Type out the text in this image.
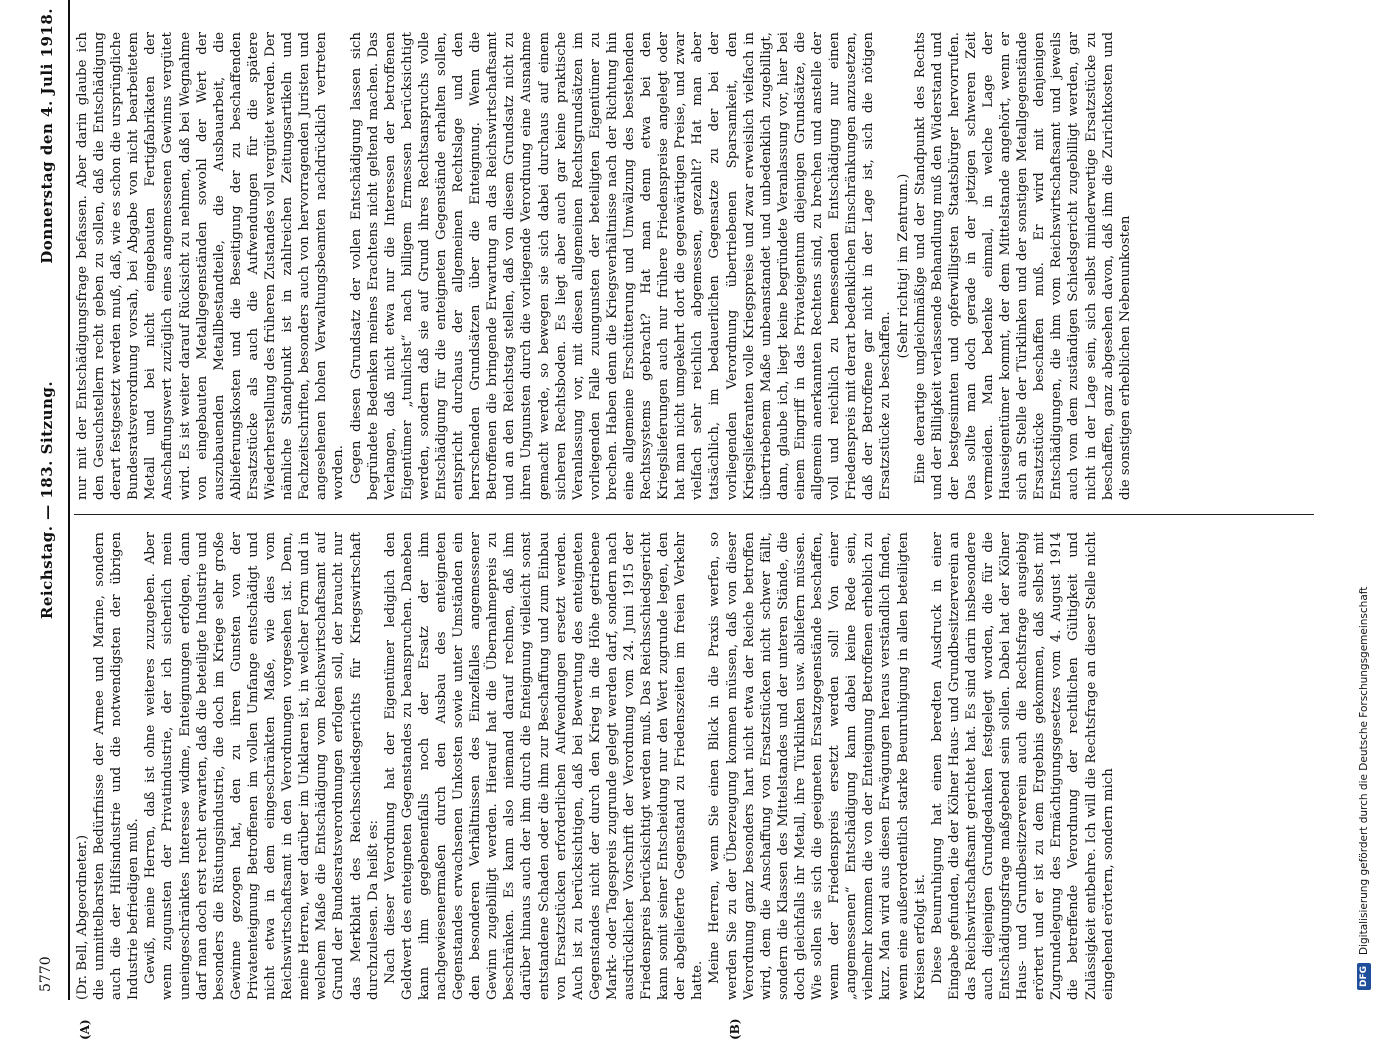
5770
Reichstag. — 183. Sitzung.
Donnerstag den 4. Juli 1918.
(A)	(B)

(Dr. Bell, Abgeordneter.) die unmittelbarsten Bedürfnisse der Armee und Marine, sondern auch die der Hilfsindustrie und die notwendigsten der übrigen Industrie befriedigen muß. Gewiß, meine Herren, daß ist ohne weiteres zuzugeben. Aber wenn zugunsten der Privatindustrie, der ich sicherlich mein uneingeschränktes Interesse widme, Enteignungen erfolgen, dann darf man doch erst recht erwarten, daß die beteiligte Industrie und besonders die Rüstungsindustrie, die doch im Kriege sehr große Gewinne gezogen hat, den zu ihren Gunsten von der Privatenteignung Betroffenen im vollen Umfange entschädigt und nicht etwa in dem eingeschränkten Maße, wie dies vom Reichswirtschaftsamt in den Verordnungen vorgesehen ist. Denn, meine Herren, wer darüber im Unklaren ist, in welcher Form und in welchem Maße die Entschädigung vom Reichswirtschaftsamt auf Grund der Bundesratsverordnungen erfolgen soll, der braucht nur das Merkblatt des Reichsschiedsgerichts für Kriegswirtschaft durchzulesen. Da heißt es: Nach dieser Verordnung hat der Eigentümer lediglich den Geldwert des enteigneten Gegenstandes zu beanspruchen. Daneben kann ihm gegebenenfalls noch der Ersatz der ihm nachgewiesenermaßen durch den Ausbau des enteigneten Gegenstandes erwachsenen Unkosten sowie unter Umständen ein den besonderen Verhältnissen des Einzelfalles angemessener Gewinn zugebilligt werden. Hierauf hat die Übernahmepreis zu beschränken. Es kann also niemand darauf rechnen, daß ihm darüber hinaus auch der ihm durch die Enteignung vielleicht sonst entstandene Schaden oder die ihm zur Beschaffung und zum Einbau von Ersatzstücken erforderlichen Aufwendungen ersetzt werden. Auch ist zu berücksichtigen, daß bei Bewertung des enteigneten Gegenstandes nicht der durch den Krieg in die Höhe getriebene Markt- oder Tagespreis zugrunde gelegt werden darf, sondern nach ausdrücklicher Vorschrift der Verordnung vom 24. Juni 1915 der Friedenspreis berücksichtigt werden muß. Das Reichsschiedsgericht kann somit seiner Entscheidung nur den Wert zugrunde legen, den der abgelieferte Gegenstand zu Friedenszeiten im freien Verkehr hatte. Meine Herren, wenn Sie einen Blick in die Praxis werfen, so werden Sie zu der Überzeugung kommen müssen, daß von dieser Verordnung ganz besonders hart nicht etwa der Reiche betroffen wird, dem die Anschaffung von Ersatzstücken nicht schwer fällt, sondern die Klassen des Mittelstandes und der unteren Stände, die doch gleichfalls ihr Metall, ihre Türklinken usw. abliefern müssen. Wie sollen sie sich die geeigneten Ersatzgegenstände beschaffen, wenn der Friedenspreis ersetzt werden soll! Von einer „angemessenen“ Entschädigung kann dabei keine Rede sein, vielmehr kommen die von der Enteignung Betroffenen erheblich zu kurz. Man wird aus diesen Erwägungen heraus verständlich finden, wenn eine außerordentlich starke Beunruhigung in allen beteiligten Kreisen erfolgt ist. Diese Beunruhigung hat einen beredten Ausdruck in einer Eingabe gefunden, die der Kölner Haus- und Grundbesitzerverein an das Reichswirtschaftsamt gerichtet hat. Es sind darin insbesondere auch diejenigen Grundgedanken festgelegt worden, die für die Entschädigungsfrage maßgebend sein sollen. Dabei hat der Kölner Haus- und Grundbesitzerverein auch die Rechtsfrage ausgiebig erörtert und er ist zu dem Ergebnis gekommen, daß selbst mit Zugrundelegung des Ermächtigungsgesetzes vom 4. August 1914 die betreffende Verordnung der rechtlichen Gültigkeit und Zulässigkeit entbehre. Ich will die Rechtsfrage an dieser Stelle nicht eingehend erörtern, sondern mich

nur mit der Entschädigungsfrage befassen. Aber darin glaube ich den Gesuchstellern recht geben zu sollen, daß die Entschädigung derart festgesetzt werden muß, daß, wie es schon die ursprüngliche Bundesratsverordnung vorsah, bei Abgabe von nicht bearbeitetem Metall und bei nicht eingebauten Fertigfabrikaten der Anschaffungswert zuzüglich eines angemessenen Gewinns vergütet wird. Es ist weiter darauf Rücksicht zu nehmen, daß bei Wegnahme von eingebauten Metallgegenständen sowohl der Wert der auszubauenden Metallbestandteile, die Ausbauarbeit, die Ablieferungskosten und die Beseitigung der zu beschaffenden Ersatzstücke als auch die Aufwendungen für die spätere Wiederherstellung des früheren Zustandes voll vergütet werden. Der nämliche Standpunkt ist in zahlreichen Zeitungsartikeln und Fachzeitschriften, besonders auch von hervorragenden Juristen und angesehenen hohen Verwaltungsbeamten nachdrücklich vertreten worden. Gegen diesen Grundsatz der vollen Entschädigung lassen sich begründete Bedenken meines Erachtens nicht geltend machen. Das Verlangen, daß nicht etwa nur die Interessen der betroffenen Eigentümer „tunlichst“ nach billigem Ermessen berücksichtigt werden, sondern daß sie auf Grund ihres Rechtsanspruchs volle Entschädigung für die enteigneten Gegenstände erhalten sollen, entspricht durchaus der allgemeinen Rechtslage und den herrschenden Grundsätzen über die Enteignung. Wenn die Betroffenen die bringende Erwartung an das Reichswirtschaftsamt und an den Reichstag stellen, daß von diesem Grundsatz nicht zu ihren Ungunsten durch die vorliegende Verordnung eine Ausnahme gemacht werde, so bewegen sie sich dabei durchaus auf einem sicheren Rechtsboden. Es liegt aber auch gar keine praktische Veranlassung vor, mit diesen allgemeinen Rechtsgrundsätzen im vorliegenden Falle zuungunsten der beteiligten Eigentümer zu brechen. Haben denn die Kriegsverhältnisse nach der Richtung hin eine allgemeine Erschütterung und Umwälzung des bestehenden Rechtssystems gebracht? Hat man denn etwa bei den Kriegslieferungen auch nur frühere Friedenspreise angelegt oder hat man nicht umgekehrt dort die gegenwärtigen Preise, und zwar vielfach sehr reichlich abgemessen, gezahlt? Hat man aber tatsächlich, im bedauerlichen Gegensatze zu der bei der vorliegenden Verordnung übertriebenen Sparsamkeit, den Kriegslieferanten volle Kriegspreise und zwar erweislich vielfach in übertriebenem Maße unbeanstandet und unbedenklich zugebilligt, dann, glaube ich, liegt keine begründete Veranlassung vor, hier bei einem Eingriff in das Privateigentum diejenigen Grundsätze, die allgemein anerkannten Rechtens sind, zu brechen und anstelle der voll und reichlich zu bemessenden Entschädigung nur einen Friedenspreis mit derart bedenklichen Einschränkungen anzusetzen, daß der Betroffene gar nicht in der Lage ist, sich die nötigen Ersatzstücke zu beschaffen.

(Sehr richtig! im Zentrum.) Eine derartige ungleichmäßige und der Standpunkt des Rechts und der Billigkeit verlassende Behandlung muß den Widerstand und der bestgesinnten und opferwilligsten Staatsbürger hervorrufen. Das sollte man doch gerade in der jetzigen schweren Zeit vermeiden. Man bedenke einmal, in welche Lage der Hauseigentümer kommt, der dem Mittelstande angehört, wenn er sich an Stelle der Türklinken und der sonstigen Metallgegenstände Ersatzstücke beschaffen muß. Er wird mit denjenigen Entschädigungen, die ihm vom Reichswirtschaftsamt und jeweils auch vom dem zuständigen Schiedsgericht zugebilligt werden, gar nicht in der Lage sein, sich selbst minderwertige Ersatzstücke zu beschaffen, ganz abgesehen davon, daß ihm die Zurichtkosten und die sonstigen erheblichen Nebenunkosten

DFG
Digitalisierung gefördert durch die Deutsche Forschungsgemeinschaft
